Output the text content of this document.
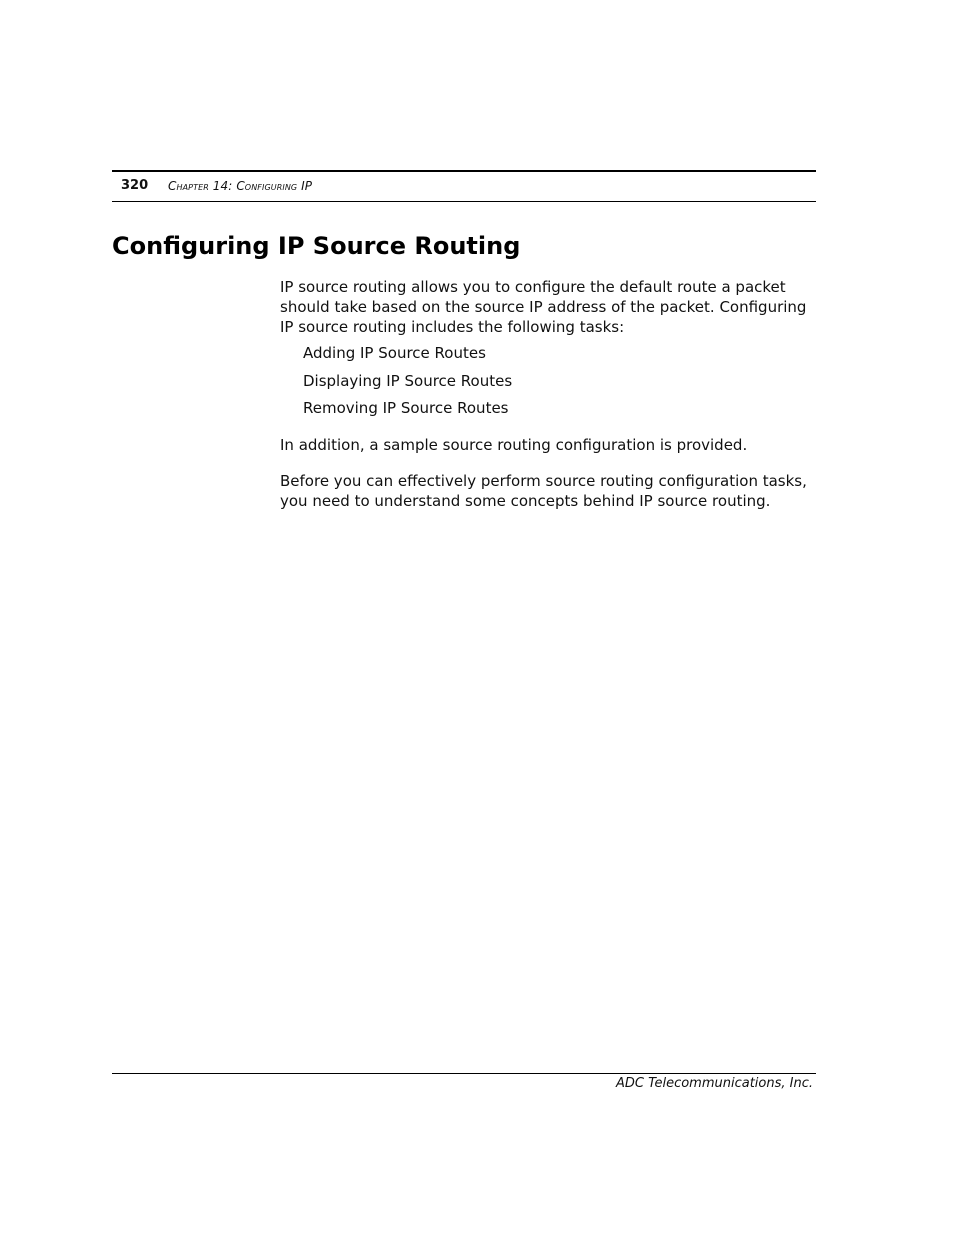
320 Chapter 14: Configuring IP
Configuring IP Source Routing

IP source routing allows you to configure the default route a packet should take based on the source IP address of the packet. Configuring IP source routing includes the following tasks:

Adding IP Source Routes
Displaying IP Source Routes
Removing IP Source Routes

In addition, a sample source routing configuration is provided.

Before you can effectively perform source routing configuration tasks, you need to understand some concepts behind IP source routing.

ADC Telecommunications, Inc.
